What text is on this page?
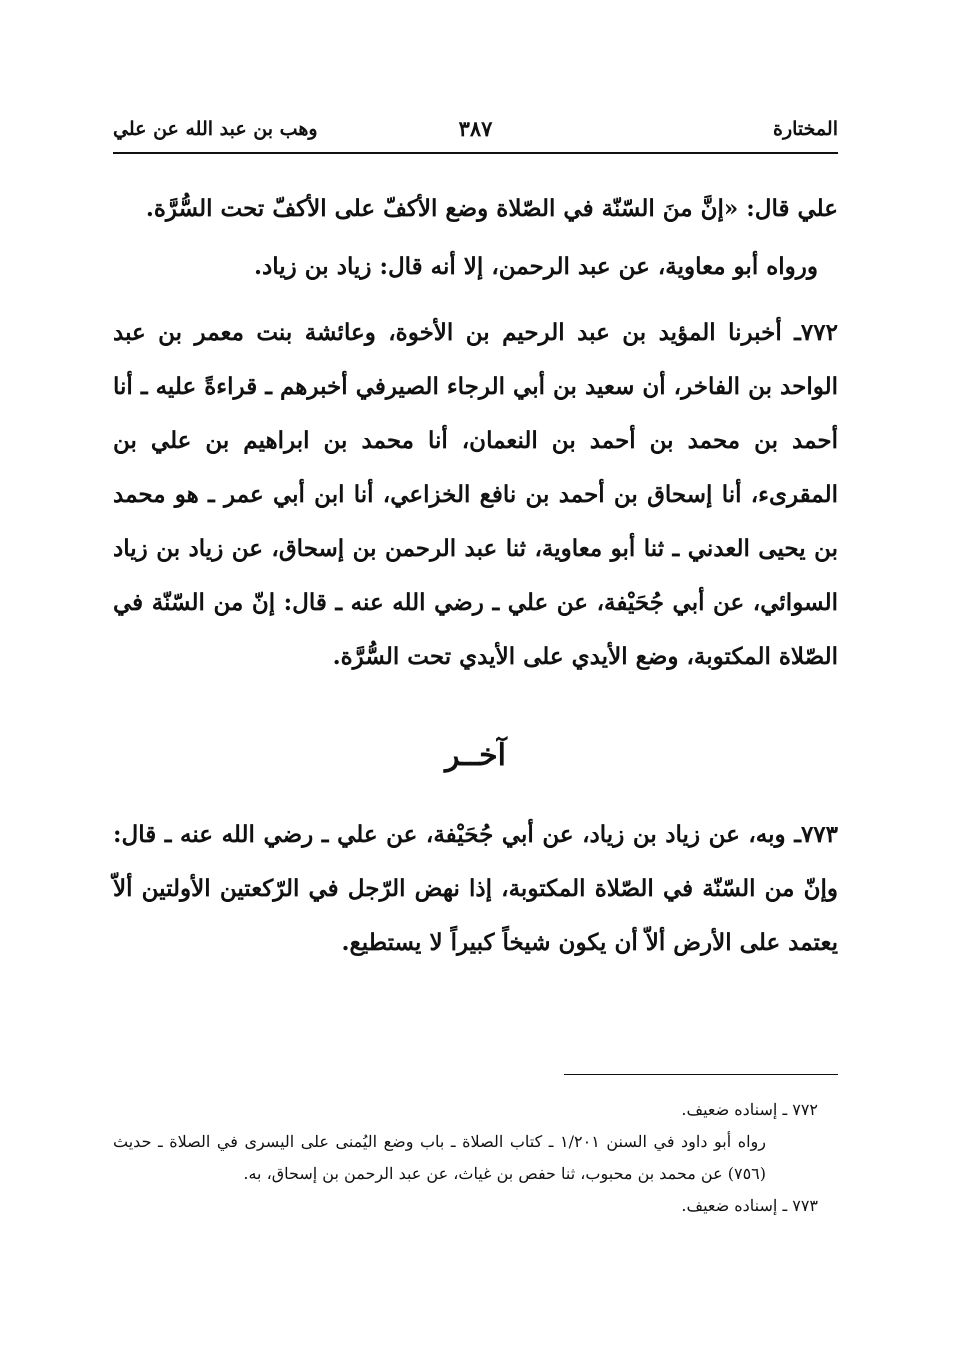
المختارة
٣٨٧
وهب بن عبد الله عن علي

علي قال: «إنَّ منَ السّنّة في الصّلاة وضع الأكفّ على الأكفّ تحت السُّرَّة.

ورواه أبو معاوية، عن عبد الرحمن، إلا أنه قال: زياد بن زياد.

٧٧٢ـ أخبرنا المؤيد بن عبد الرحيم بن الأخوة، وعائشة بنت معمر بن عبد الواحد بن الفاخر، أن سعيد بن أبي الرجاء الصيرفي أخبرهم ـ قراءةً عليه ـ أنا أحمد بن محمد بن أحمد بن النعمان، أنا محمد بن ابراهيم بن علي بن المقرىء، أنا إسحاق بن أحمد بن نافع الخزاعي، أنا ابن أبي عمر ـ هو محمد بن يحيى العدني ـ ثنا أبو معاوية، ثنا عبد الرحمن بن إسحاق، عن زياد بن زياد السوائي، عن أبي جُحَيْفة، عن علي ـ رضي الله عنه ـ قال: إنّ من السّنّة في الصّلاة المكتوبة، وضع الأيدي على الأيدي تحت السُّرَّة.

آخــر

٧٧٣ـ وبه، عن زياد بن زياد، عن أبي جُحَيْفة، عن علي ـ رضي الله عنه ـ قال: وإنّ من السّنّة في الصّلاة المكتوبة، إذا نهض الرّجل في الرّكعتين الأولتين ألاّ يعتمد على الأرض ألاّ أن يكون شيخاً كبيراً لا يستطيع.

٧٧٢ ـ إسناده ضعيف.

رواه أبو داود في السنن ١/٢٠١ ـ كتاب الصلاة ـ باب وضع اليُمنى على اليسرى في الصلاة ـ حديث (٧٥٦) عن محمد بن محبوب، ثنا حفص بن غياث، عن عبد الرحمن بن إسحاق، به.

٧٧٣ ـ إسناده ضعيف.
